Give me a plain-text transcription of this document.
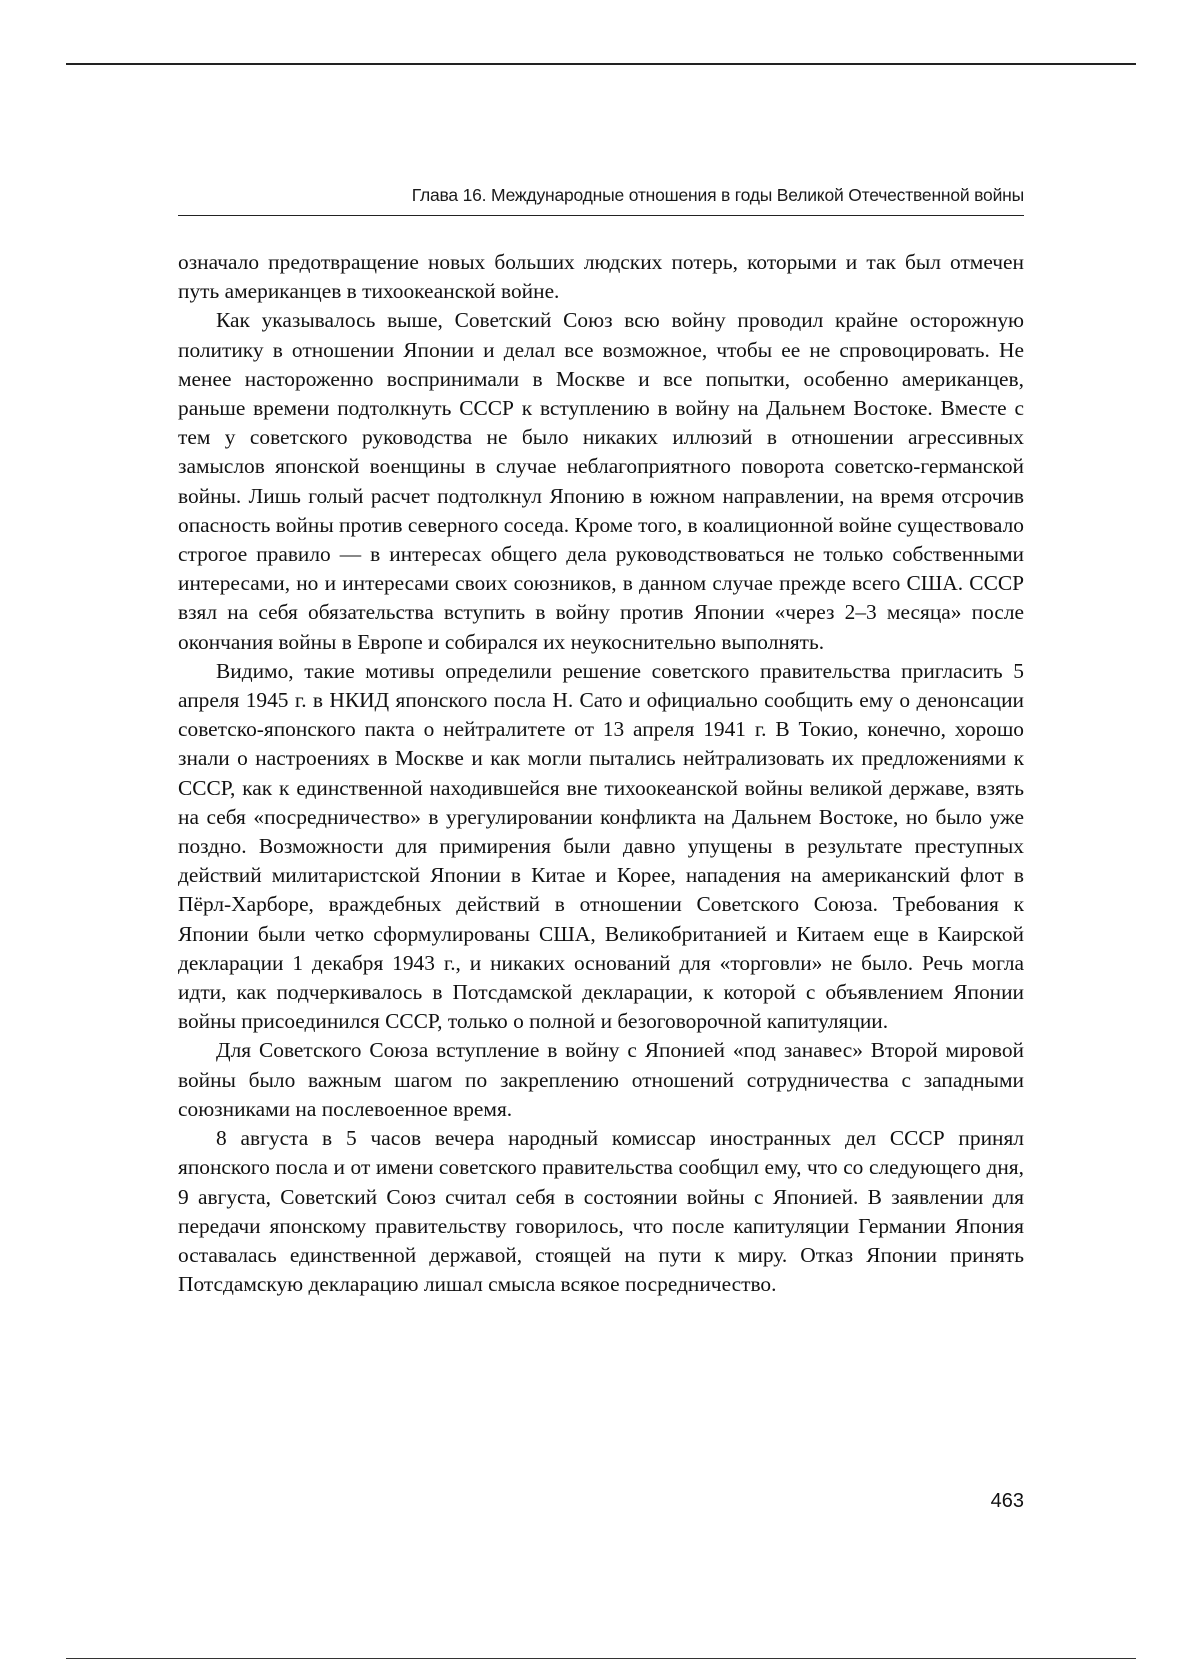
Глава 16. Международные отношения в годы Великой Отечественной войны

означало предотвращение новых больших людских потерь, которыми и так был отмечен путь американцев в тихоокеанской войне.

Как указывалось выше, Советский Союз всю войну проводил крайне осторожную политику в отношении Японии и делал все возможное, чтобы ее не спровоцировать. Не менее настороженно воспринимали в Москве и все попытки, особенно американцев, раньше времени подтолкнуть СССР к вступлению в войну на Дальнем Востоке. Вместе с тем у советского руководства не было никаких иллюзий в отношении агрессивных замыслов японской военщины в случае неблагоприятного поворота советско-германской войны. Лишь голый расчет подтолкнул Японию в южном направлении, на время отсрочив опасность войны против северного соседа. Кроме того, в коалиционной войне существовало строгое правило — в интересах общего дела руководствоваться не только собственными интересами, но и интересами своих союзников, в данном случае прежде всего США. СССР взял на себя обязательства вступить в войну против Японии «через 2–3 месяца» после окончания войны в Европе и собирался их неукоснительно выполнять.

Видимо, такие мотивы определили решение советского правительства пригласить 5 апреля 1945 г. в НКИД японского посла Н. Сато и официально сообщить ему о денонсации советско-японского пакта о нейтралитете от 13 апреля 1941 г. В Токио, конечно, хорошо знали о настроениях в Москве и как могли пытались нейтрализовать их предложениями к СССР, как к единственной находившейся вне тихоокеанской войны великой державе, взять на себя «посредничество» в урегулировании конфликта на Дальнем Востоке, но было уже поздно. Возможности для примирения были давно упущены в результате преступных действий милитаристской Японии в Китае и Корее, нападения на американский флот в Пёрл-Харборе, враждебных действий в отношении Советского Союза. Требования к Японии были четко сформулированы США, Великобританией и Китаем еще в Каирской декларации 1 декабря 1943 г., и никаких оснований для «торговли» не было. Речь могла идти, как подчеркивалось в Потсдамской декларации, к которой с объявлением Японии войны присоединился СССР, только о полной и безоговорочной капитуляции.

Для Советского Союза вступление в войну с Японией «под занавес» Второй мировой войны было важным шагом по закреплению отношений сотрудничества с западными союзниками на послевоенное время.

8 августа в 5 часов вечера народный комиссар иностранных дел СССР принял японского посла и от имени советского правительства сообщил ему, что со следующего дня, 9 августа, Советский Союз считал себя в состоянии войны с Японией. В заявлении для передачи японскому правительству говорилось, что после капитуляции Германии Япония оставалась единственной державой, стоящей на пути к миру. Отказ Японии принять Потсдамскую декларацию лишал смысла всякое посредничество.

463
